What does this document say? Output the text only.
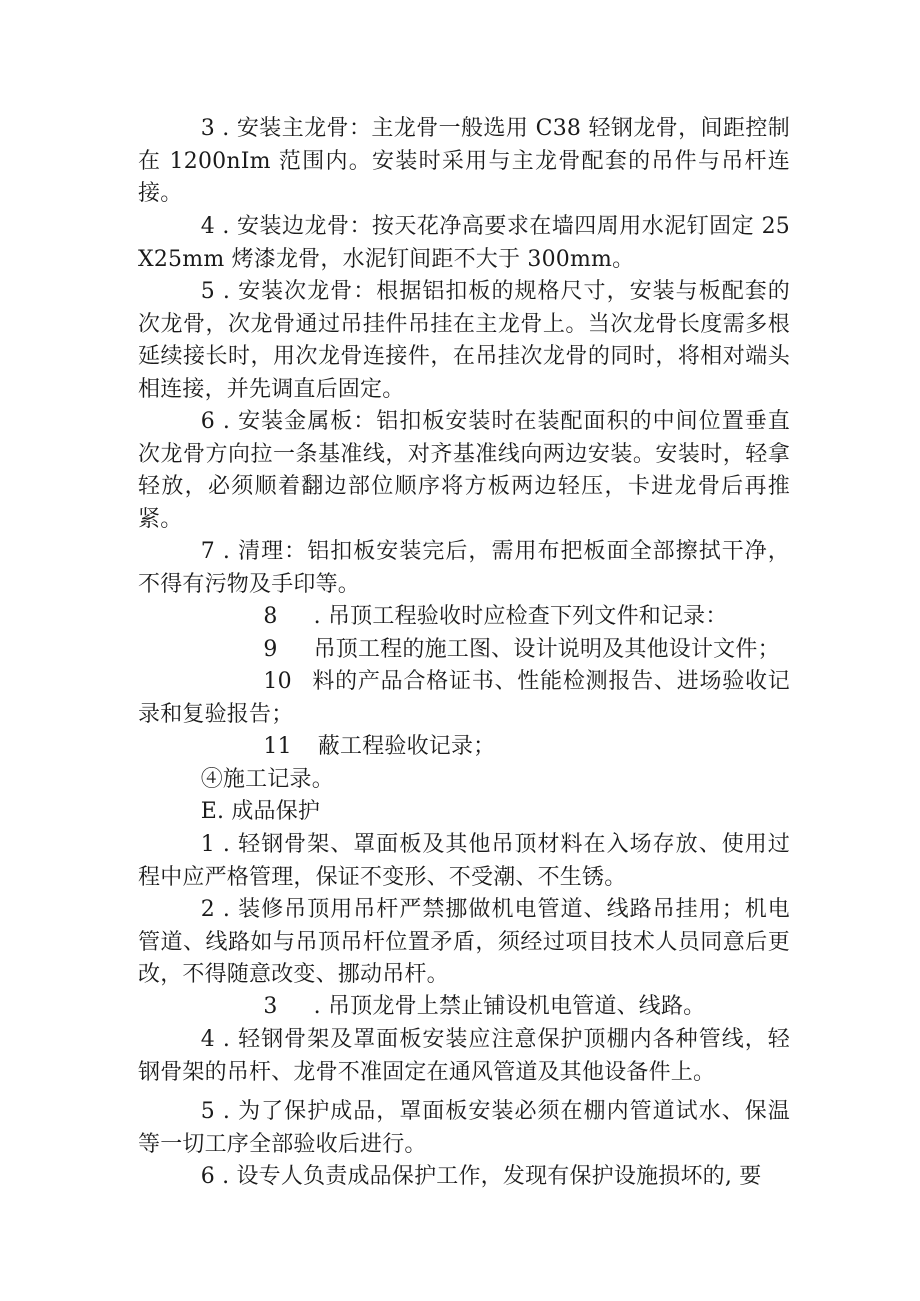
3 . 安装主龙骨：主龙骨一般选用 C38 轻钢龙骨，间距控制在 1200nIm 范围内。安装时采用与主龙骨配套的吊件与吊杆连接。

4 . 安装边龙骨：按天花净高要求在墙四周用水泥钉固定 25X25mm 烤漆龙骨，水泥钉间距不大于 300mm。

5 . 安装次龙骨：根据铝扣板的规格尺寸，安装与板配套的次龙骨，次龙骨通过吊挂件吊挂在主龙骨上。当次龙骨长度需多根延续接长时，用次龙骨连接件，在吊挂次龙骨的同时，将相对端头相连接，并先调直后固定。

6 . 安装金属板：铝扣板安装时在装配面积的中间位置垂直次龙骨方向拉一条基准线，对齐基准线向两边安装。安装时，轻拿轻放，必须顺着翻边部位顺序将方板两边轻压，卡进龙骨后再推紧。

7 . 清理：铝扣板安装完后，需用布把板面全部擦拭干净，不得有污物及手印等。

8 . 吊顶工程验收时应检查下列文件和记录：

9 吊顶工程的施工图、设计说明及其他设计文件；

10 料的产品合格证书、性能检测报告、进场验收记录和复验报告；

11 蔽工程验收记录；

④施工记录。

E. 成品保护

1 . 轻钢骨架、罩面板及其他吊顶材料在入场存放、使用过程中应严格管理，保证不变形、不受潮、不生锈。

2 . 装修吊顶用吊杆严禁挪做机电管道、线路吊挂用；机电管道、线路如与吊顶吊杆位置矛盾，须经过项目技术人员同意后更改，不得随意改变、挪动吊杆。

3 . 吊顶龙骨上禁止铺设机电管道、线路。

4 . 轻钢骨架及罩面板安装应注意保护顶棚内各种管线，轻钢骨架的吊杆、龙骨不准固定在通风管道及其他设备件上。

5 . 为了保护成品，罩面板安装必须在棚内管道试水、保温等一切工序全部验收后进行。

6 . 设专人负责成品保护工作，发现有保护设施损坏的, 要
